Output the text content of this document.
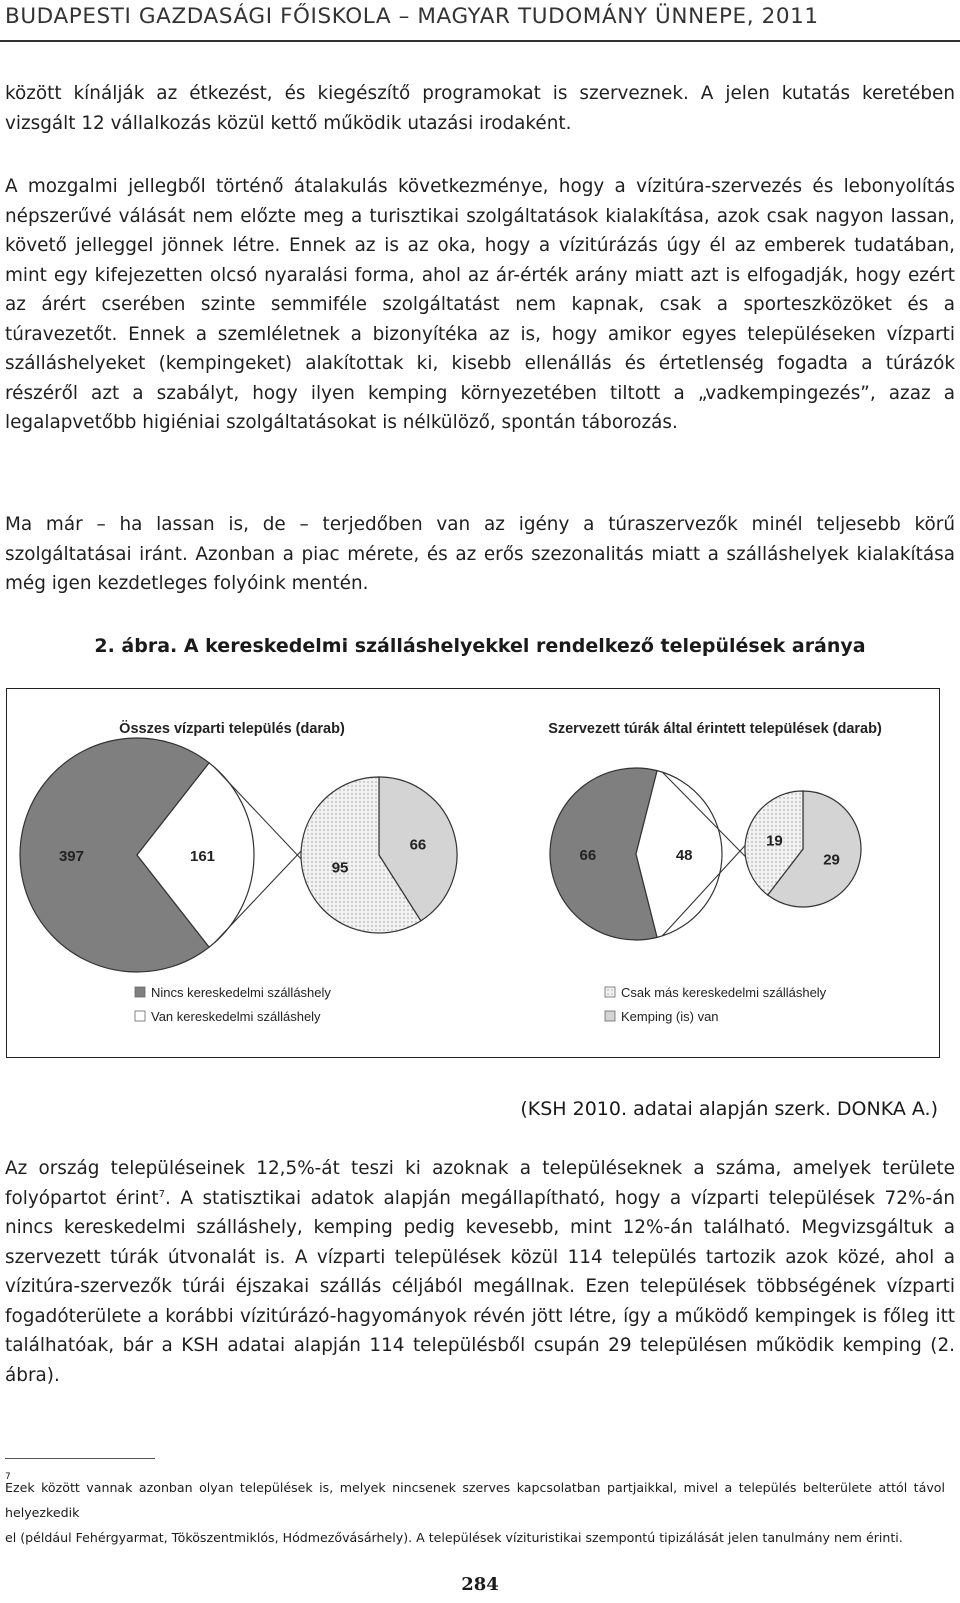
BUDAPESTI GAZDASÁGI FŐISKOLA – MAGYAR TUDOMÁNY ÜNNEPE, 2011

között kínálják az étkezést, és kiegészítő programokat is szerveznek. A jelen kutatás keretében vizsgált 12 vállalkozás közül kettő működik utazási irodaként.

A mozgalmi jellegből történő átalakulás következménye, hogy a vízitúra-szervezés és lebonyolítás népszerűvé válását nem előzte meg a turisztikai szolgáltatások kialakítása, azok csak nagyon lassan, követő jelleggel jönnek létre. Ennek az is az oka, hogy a vízitúrázás úgy él az emberek tudatában, mint egy kifejezetten olcsó nyaralási forma, ahol az ár-érték arány miatt azt is elfogadják, hogy ezért az árért cserében szinte semmiféle szolgáltatást nem kapnak, csak a sporteszközöket és a túravezetőt. Ennek a szemléletnek a bizonyítéka az is, hogy amikor egyes településeken vízparti szálláshelyeket (kempingeket) alakítottak ki, kisebb ellenállás és értetlenség fogadta a túrázók részéről azt a szabályt, hogy ilyen kemping környezetében tiltott a „vadkempingezés”, azaz a legalapvetőbb higiéniai szolgáltatásokat is nélkülöző, spontán táborozás.

Ma már – ha lassan is, de – terjedőben van az igény a túraszervezők minél teljesebb körű szolgáltatásai iránt. Azonban a piac mérete, és az erős szezonalitás miatt a szálláshelyek kialakítása még igen kezdetleges folyóink mentén.

2. ábra. A kereskedelmi szálláshelyekkel rendelkező települések aránya
Összes vízparti település (darab)	Szervezett túrák által érintett települések (darab)
397	161
66
95
66	48	29
19
Nincs kereskedelmi szálláshely
Van kereskedelmi szálláshely
Csak más kereskedelmi szálláshely
Kemping (is) van
(KSH 2010. adatai alapján szerk. DONKA A.)

Az ország településeinek 12,5%-át teszi ki azoknak a településeknek a száma, amelyek területe folyópartot érint$^7$. A statisztikai adatok alapján megállapítható, hogy a vízparti települések 72%-án nincs kereskedelmi szálláshely, kemping pedig kevesebb, mint 12%-án található. Megvizsgáltuk a szervezett túrák útvonalát is. A vízparti települések közül 114 település tartozik azok közé, ahol a vízitúra-szervezők túrái éjszakai szállás céljából megállnak. Ezen települések többségének vízparti fogadóterülete a korábbi vízitúrázó-hagyományok révén jött létre, így a működő kempingek is főleg itt találhatóak, bár a KSH adatai alapján 114 településből csupán 29 településen működik kemping (2. ábra).

7

Ezek között vannak azonban olyan települések is, melyek nincsenek szerves kapcsolatban partjaikkal, mivel a település belterülete attól távol helyezkedik

el (például Fehérgyarmat, Tököszentmiklós, Hódmezővásárhely). A települések vízituristikai szempontú tipizálását jelen tanulmány nem érinti.

284
